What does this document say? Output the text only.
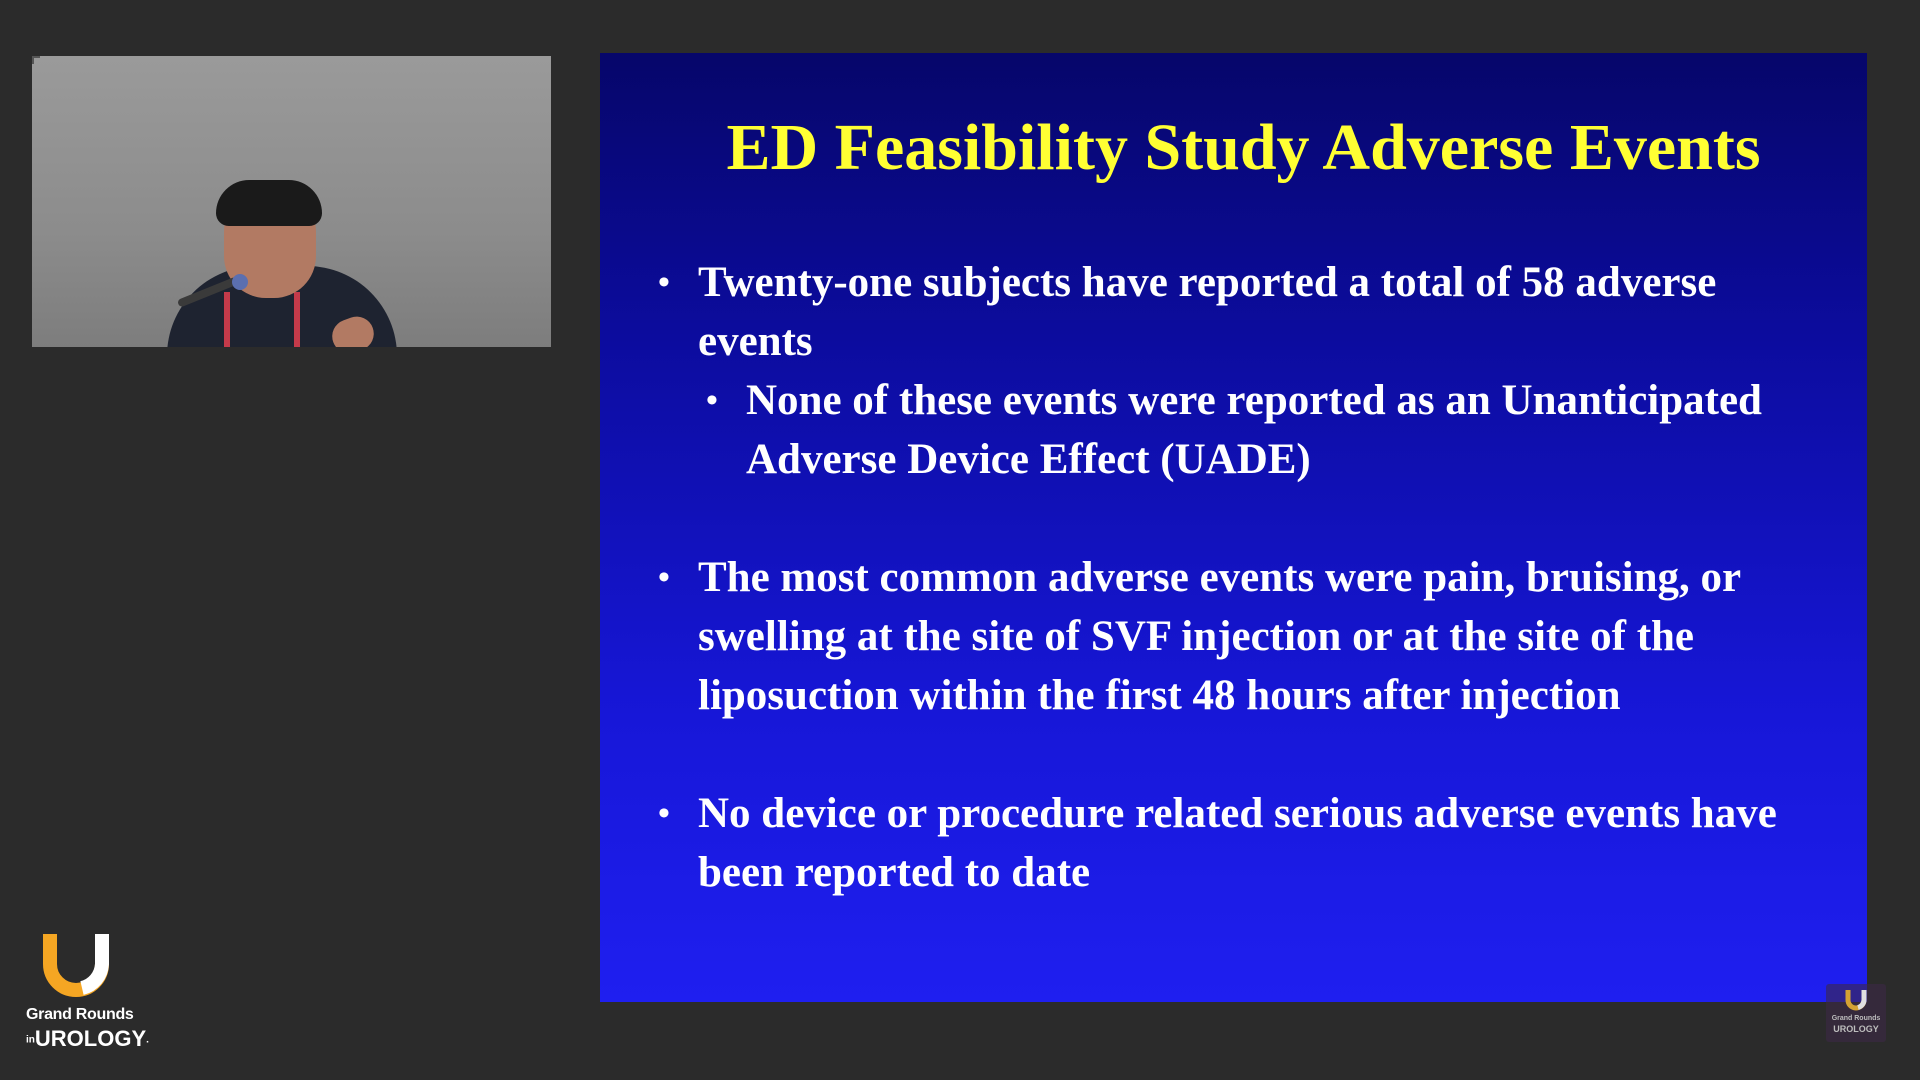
ED Feasibility Study Adverse Events
• Twenty-one subjects have reported a total of 58 adverse events
• None of these events were reported as an Unanticipated Adverse Device Effect (UADE)
• The most common adverse events were pain, bruising, or swelling at the site of SVF injection or at the site of the liposuction within the first 48 hours after injection
• No device or procedure related serious adverse events have been reported to date
Grand Rounds
inUROLOGY.
Grand Rounds
UROLOGY
